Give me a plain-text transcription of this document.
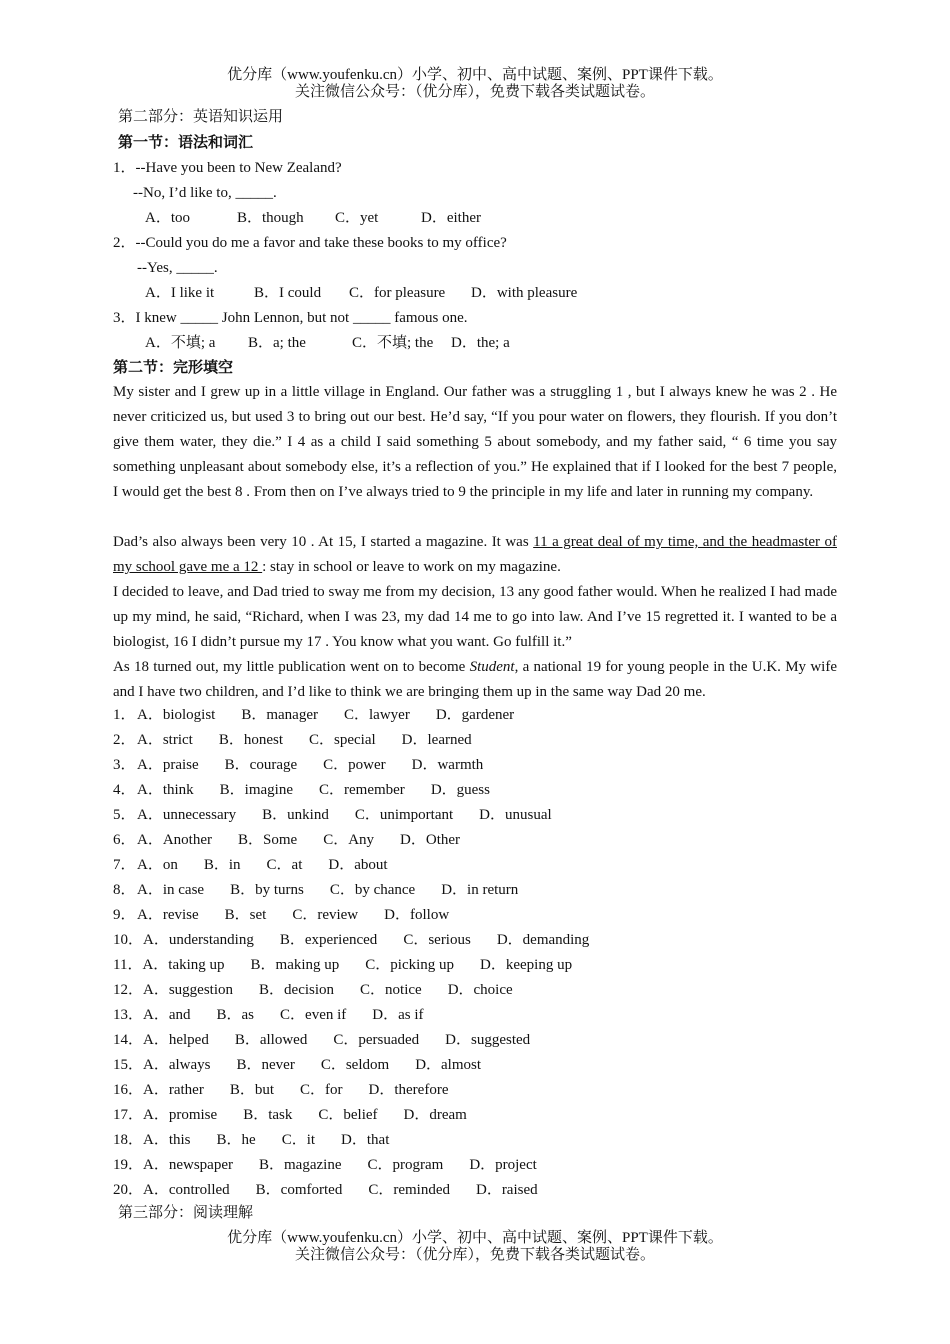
优分库（www.youfenku.cn）小学、初中、高中试题、案例、PPT课件下载。
关注微信公众号：（优分库），免费下载各类试题试卷。
第二部分：英语知识运用
第一节：语法和词汇
1．--Have you been to New Zealand?
--No, I’d like to, _____.
A．too	B．though C．yet	D．either
2．--Could you do me a favor and take these books to my office?
--Yes, _____.
A．I like it	B．I could C．for pleasure D．with pleasure
3．I knew _____ John Lennon, but not _____ famous one.
A．不填; a B．a; the	C．不填; the D．the; a
第二节：完形填空
My sister and I grew up in a little village in England. Our father was a struggling 1 , but I always knew he was 2 . He never criticized us, but used 3 to bring out our best. He’d say, “If you pour water on flowers, they flourish. If you don’t give them water, they die.” I 4 as a child I said something 5 about somebody, and my father said, “ 6 time you say something unpleasant about somebody else, it’s a reflection of you.” He explained that if I looked for the best 7 people, I would get the best 8 . From then on I’ve always tried to 9 the principle in my life and later in running my company.
Dad’s also always been very 10 . At 15, I started a magazine. It was 11 a great deal of my time, and the headmaster of my school gave me a 12 : stay in school or leave to work on my magazine.
I decided to leave, and Dad tried to sway me from my decision, 13 any good father would. When he realized I had made up my mind, he said, “Richard, when I was 23, my dad 14 me to go into law. And I’ve 15 regretted it. I wanted to be a biologist, 16 I didn’t pursue my 17 . You know what you want. Go fulfill it.”
As 18 turned out, my little publication went on to become Student, a national 19 for young people in the U.K. My wife and I have two children, and I’d like to think we are bringing them up in the same way Dad 20 me.
1．A．biologist B．manager C．lawyer D．gardener
2．A．strict B．honest C．special D．learned
3．A．praise B．courage C．power D．warmth
4．A．think B．imagine C．remember D．guess
5．A．unnecessary B．unkind C．unimportant D．unusual
6．A．Another B．Some C．Any D．Other
7．A．on B．in C．at D．about
8．A．in case B．by turns C．by chance D．in return
9．A．revise B．set C．review D．follow
10．A．understanding B．experienced C．serious D．demanding
11．A．taking up B．making up C．picking up D．keeping up
12．A．suggestion B．decision C．notice D．choice
13．A．and B．as C．even if D．as if
14．A．helped B．allowed C．persuaded D．suggested
15．A．always B．never C．seldom D．almost
16．A．rather B．but C．for D．therefore
17．A．promise B．task C．belief D．dream
18．A．this B．he C．it D．that
19．A．newspaper B．magazine C．program D．project
20．A．controlled B．comforted C．reminded D．raised
第三部分：阅读理解
优分库（www.youfenku.cn）小学、初中、高中试题、案例、PPT课件下载。
关注微信公众号：（优分库），免费下载各类试题试卷。
